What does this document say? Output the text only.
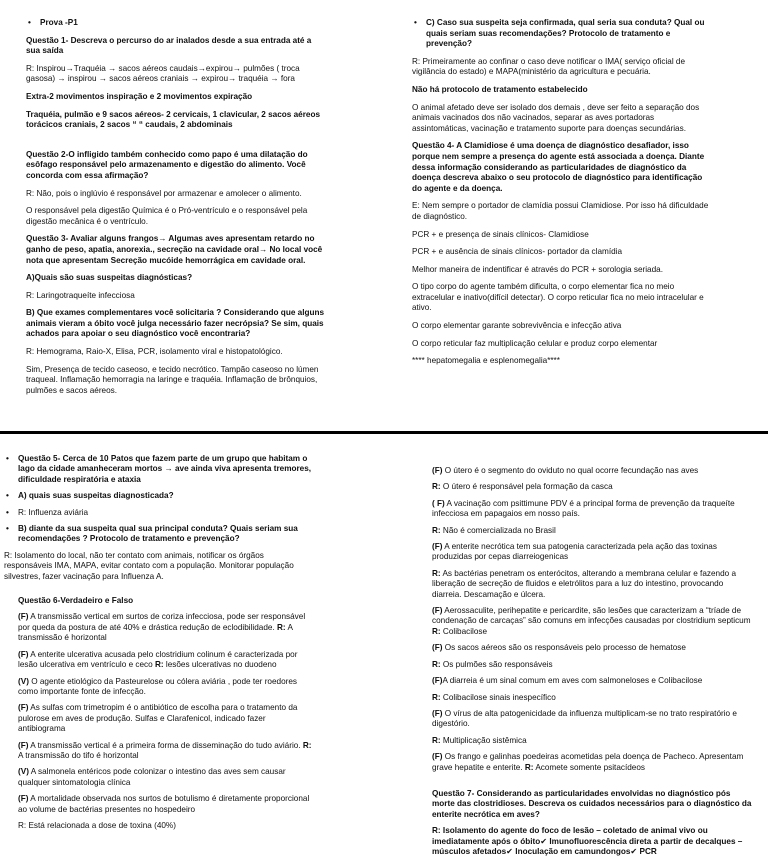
• Prova -P1

Questão 1- Descreva o percurso do ar inalados desde a sua entrada até a sua saída

R: Inspirou→Traquéia → sacos aéreos caudais→expirou→ pulmões ( troca gasosa) → inspirou → sacos aéreos craniais → expirou→ traquéia → fora

Extra-2 movimentos inspiração e 2 movimentos expiração

Traquéia, pulmão e 9 sacos aéreos- 2 cervicais, 1 clavicular, 2 sacos aéreos torácicos craniais, 2 sacos “ “ caudais, 2 abdominais

Questão 2-O infligido também conhecido como papo é uma dilatação do esôfago responsável pelo armazenamento e digestão do alimento. Você concorda com essa afirmação?

R: Não, pois o inglúvio é responsável por armazenar e amolecer o alimento.

O responsável pela digestão Química é o Pró-ventrículo e o responsável pela digestão mecânica é o ventrículo.

Questão 3- Avaliar alguns frangos→ Algumas aves apresentam retardo no ganho de peso, apatia, anorexia., secreção na cavidade oral→ No local você nota que apresentam Secreção mucóide hemorrágica em cavidade oral.

A)Quais são suas suspeitas diagnósticas?

R: Laringotraqueíte infecciosa

B) Que exames complementares você solicitaria ? Considerando que alguns animais vieram a óbito você julga necessário fazer necrópsia? Se sim, quais achados para apoiar o seu diagnóstico você encontraria?

R: Hemograma, Raio-X, Elisa, PCR, isolamento viral e histopatológico.

Sim, Presença de tecido caseoso, e tecido necrótico. Tampão caseoso no lúmen traqueal. Inflamação hemorragia na laringe e traquéia. Inflamação de brônquios, pulmões e sacos aéreos.

• C) Caso sua suspeita seja confirmada, qual seria sua conduta? Qual ou quais seriam suas recomendações? Protocolo de tratamento e prevenção?

R: Primeiramente ao confinar o caso deve notificar o IMA( serviço oficial de vigilância do estado) e MAPA(ministério da agricultura e pecuária.

Não há protocolo de tratamento estabelecido

O animal afetado deve ser isolado dos demais , deve ser feito a separação dos animais vacinados dos não vacinados, separar as aves portadoras assintomáticas, vacinação e tratamento suporte para doenças secundárias.

Questão 4- A Clamidiose é uma doença de diagnóstico desafiador, isso porque nem sempre a presença do agente está associada a doença. Diante dessa informação considerando as particularidades de diagnóstico da doença descreva abaixo o seu protocolo de diagnóstico para identificação do agente e da doença.

E: Nem sempre o portador de clamídia possui Clamidiose. Por isso há dificuldade de diagnóstico.

PCR + e presença de sinais clínicos- Clamidiose

PCR + e ausência de sinais clínicos- portador da clamídia

Melhor maneira de indentificar é através do PCR + sorologia seriada.

O tipo corpo do agente também dificulta, o corpo elementar fica no meio extracelular e inativo(difícil detectar). O corpo reticular fica no meio intracelular e ativo.

O corpo elementar garante sobrevivência e infecção ativa

O corpo reticular faz multiplicação celular e produz corpo elementar

**** hepatomegalia e esplenomegalia****

• Questão 5- Cerca de 10 Patos que fazem parte de um grupo que habitam o lago da cidade amanheceram mortos → ave ainda viva apresenta tremores, dificuldade respiratória e ataxia

• A) quais suas suspeitas diagnosticada?

• R: Influenza aviária

• B) diante da sua suspeita qual sua principal conduta? Quais seriam sua recomendações ? Protocolo de tratamento e prevenção?

R: Isolamento do local, não ter contato com animais, notificar os órgãos responsáveis IMA, MAPA, evitar contato com a população. Monitorar população silvestres, fazer vacinação para Influenza A.

Questão 6-Verdadeiro e Falso

(F) A transmissão vertical em surtos de coriza infecciosa, pode ser responsável por queda da postura de até 40% e drástica redução de eclodibilidade. R: A transmissão é horizontal

(F) A enterite ulcerativa acusada pelo clostridium colinum é caracterizada por lesão ulcerativa em ventrículo e ceco R: lesões ulcerativas no duodeno

(V) O agente etiológico da Pasteurelose ou cólera aviária , pode ter roedores como importante fonte de infecção.

(F) As sulfas com trimetropim é o antibiótico de escolha para o tratamento da pulorose em aves de produção. Sulfas e Clarafenicol, indicado fazer antibiograma

(F) A transmissão vertical é a primeira forma de disseminação do tudo aviário. R: A transmissão do tifo é horizontal

(V) A salmonela entéricos pode colonizar o intestino das aves sem causar qualquer sintomatologia clínica

(F) A mortalidade observada nos surtos de botulismo é diretamente proporcional ao volume de bactérias presentes no hospedeiro

R: Está relacionada a dose de toxina (40%)

(F) O útero é o segmento do oviduto no qual ocorre fecundação nas aves

R: O útero é responsável pela formação da casca

( F) A vacinação com psittimune PDV é a principal forma de prevenção da traqueíte infecciosa em papagaios em nosso país.

R: Não é comercializada no Brasil

(F) A enterite necrótica tem sua patogenia caracterizada pela ação das toxinas produzidas por cepas diarreiogenicas

R: As bactérias penetram os enterócitos, alterando a membrana celular e fazendo a liberação de secreção de fluidos e eletrólitos para a luz do intestino, provocando diarreia. Descamação e úlcera.

(F) Aerossaculite, perihepatite e pericardite, são lesões que caracterizam a “tríade de condenação de carcaças” são comuns em infecções causadas por clostridium septicum R: Colibacilose

(F) Os sacos aéreos são os responsáveis pelo processo de hematose

R: Os pulmões são responsáveis

(F)A diarreia é um sinal comum em aves com salmoneloses e Colibacilose

R: Colibacilose sinais inespecífico

(F) O vírus de alta patogenicidade da influenza multiplicam-se no trato respiratório e digestório.

R: Multiplicação sistêmica

(F) Os frango e galinhas poedeiras acometidas pela doença de Pacheco. Apresentam grave hepatite e enterite. R: Acomete somente psitacídeos

Questão 7- Considerando as particularidades envolvidas no diagnóstico pós morte das clostridioses. Descreva os cuidados necessários para o diagnóstico da enterite necrótica em aves?

R: Isolamento do agente do foco de lesão – coletado de animal vivo ou imediatamente após o óbito✔ Imunofluorescência direta a partir de decalques – músculos afetados✔ Inoculação em camundongos✔ PCR
